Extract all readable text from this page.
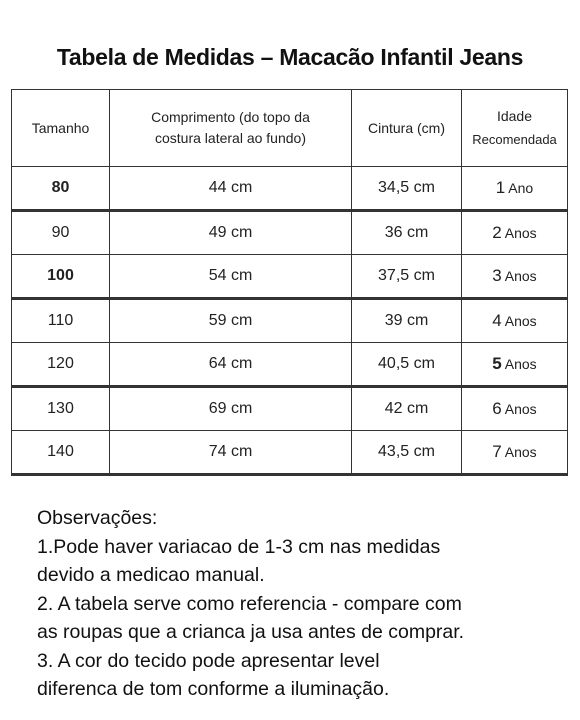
Tabela de Medidas – Macacão Infantil Jeans
Tamanho	Comprimento (do topo da costura lateral ao fundo)	Cintura (cm)	Idade
Recomendada

80	44 cm	34,5 cm	1 Ano
90	49 cm	36 cm	2 Anos
100	54 cm	37,5 cm	3 Anos
110	59 cm	39 cm	4 Anos
120	64 cm	40,5 cm	5 Anos
130	69 cm	42 cm	6 Anos
140	74 cm	43,5 cm	7 Anos
Observações:
1.Pode haver variacao de 1-3 cm nas medidas
devido a medicao manual.
2. A tabela serve como referencia - compare com
as roupas que a crianca ja usa antes de comprar.
3. A cor do tecido pode apresentar level
diferenca de tom conforme a iluminação.
